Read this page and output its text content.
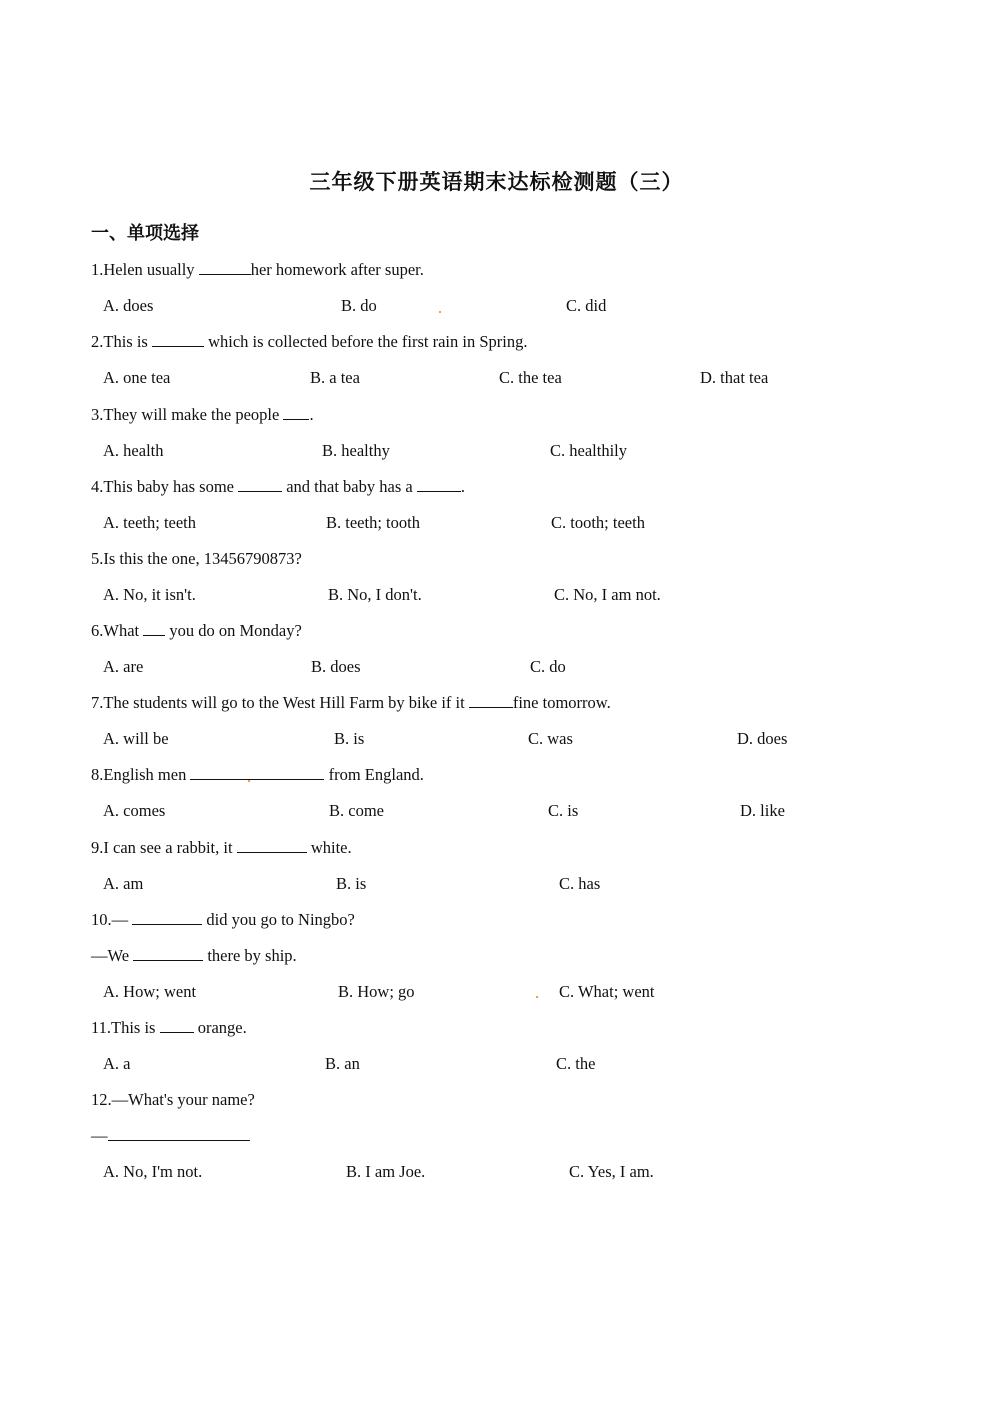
三年级下册英语期末达标检测题（三）
一、单项选择
1.Helen usually	her homework after super.
A. does	B. do	C. did
2.This is	which is collected before the first rain in Spring.
A. one tea	B. a tea	C. the tea	D. that tea
3.They will make the people .
A. health	B. healthy	C. healthily
4.This baby has some	and that baby has a	.
A. teeth; teeth	B. teeth; tooth	C. tooth; teeth
5.Is this the one, 13456790873?
A. No, it isn't.	B. No, I don't.	C. No, I am not.
6.What  you do on Monday?
A. are	B. does	C. do
7.The students will go to the West Hill Farm by bike if it	fine tomorrow.
A. will be	B. is	C. was	D. does
8.English men	from England.
A. comes	B. come	C. is	D. like
9.I can see a rabbit, it	white.
A. am	B. is	C. has
10.—	did you go to Ningbo?
—We	there by ship.
A. How; went	B. How; go	C. What; went
11.This is  orange.
A. a	B. an	C. the
12.—What's your name?
—
A. No, I'm not.	B. I am Joe.	C. Yes, I am.
